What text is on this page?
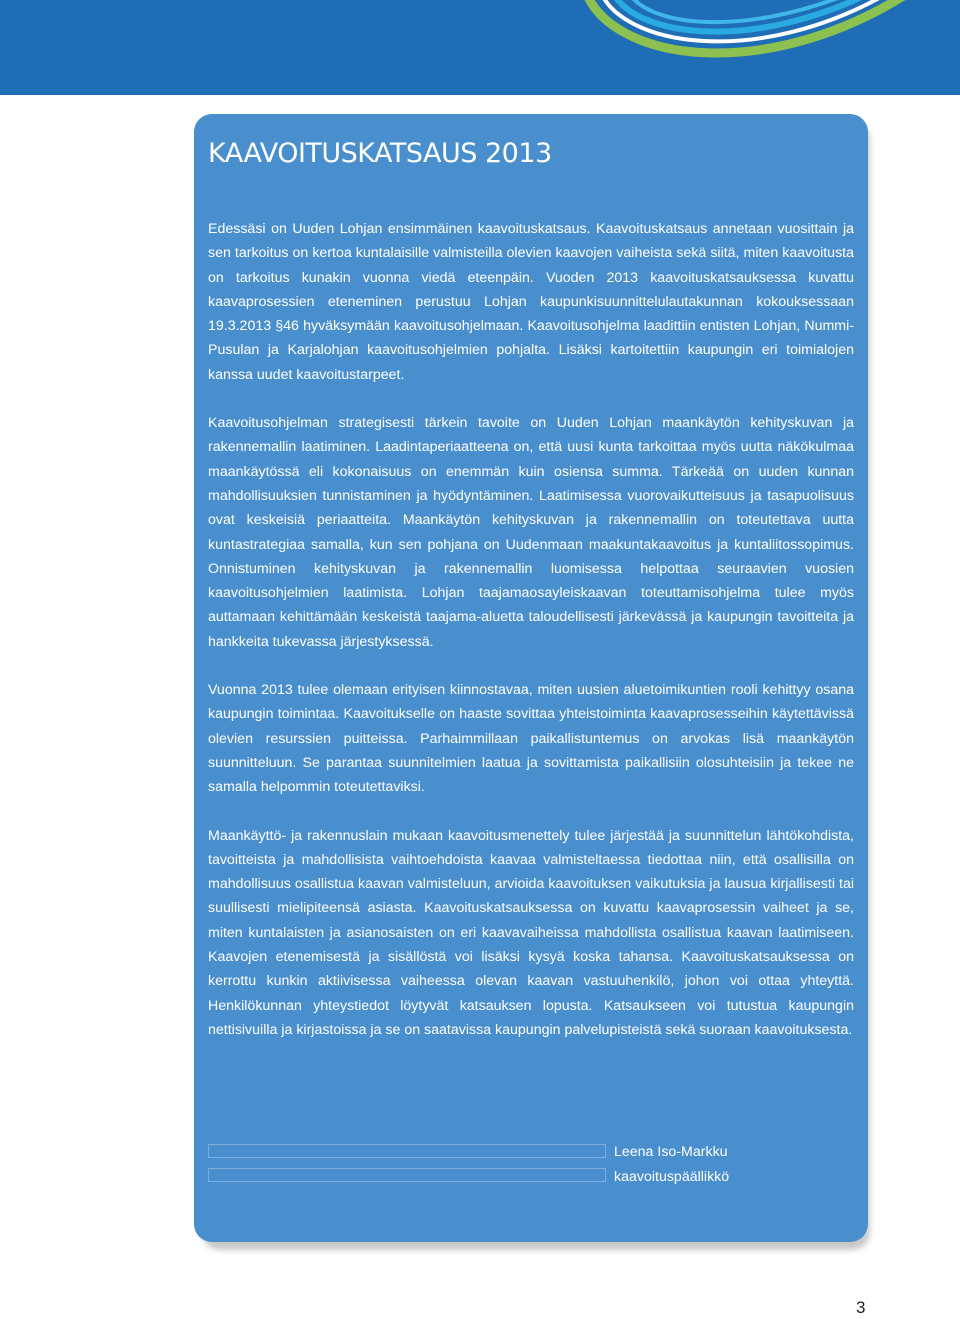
KAAVOITUSKATSAUS 2013

Edessäsi on Uuden Lohjan ensimmäinen kaavoituskatsaus. Kaavoituskatsaus annetaan vuosittain ja sen tarkoitus on kertoa kuntalaisille valmisteilla olevien kaavojen vaiheista sekä siitä, miten kaavoitusta on tarkoitus kunakin vuonna viedä eteenpäin. Vuoden 2013 kaavoituskatsauksessa kuvattu kaavaprosessien eteneminen perustuu Lohjan kaupunkisuunnittelulautakunnan kokouksessaan 19.3.2013 §46 hyväksymään kaavoitusohjelmaan. Kaavoitusohjelma laadittiin entisten Lohjan, Nummi-Pusulan ja Karjalohjan kaavoitusohjelmien pohjalta. Lisäksi kartoitettiin kaupungin eri toimialojen kanssa uudet kaavoitustarpeet.

Kaavoitusohjelman strategisesti tärkein tavoite on Uuden Lohjan maankäytön kehityskuvan ja rakennemallin laatiminen. Laadintaperiaatteena on, että uusi kunta tarkoittaa myös uutta näkökulmaa maankäytössä eli kokonaisuus on enemmän kuin osiensa summa. Tärkeää on uuden kunnan mahdollisuuksien tunnistaminen ja hyödyntäminen. Laatimisessa vuorovaikutteisuus ja tasapuolisuus ovat keskeisiä periaatteita. Maankäytön kehityskuvan ja rakennemallin on toteutettava uutta kuntastrategiaa samalla, kun sen pohjana on Uudenmaan maakuntakaavoitus ja kuntaliitossopimus. Onnistuminen kehityskuvan ja rakennemallin luomisessa helpottaa seuraavien vuosien kaavoitusohjelmien laatimista. Lohjan taajamaosayleiskaavan toteuttamisohjelma tulee myös auttamaan kehittämään keskeistä taajama-aluetta taloudellisesti järkevässä ja kaupungin tavoitteita ja hankkeita tukevassa järjestyksessä.

Vuonna 2013 tulee olemaan erityisen kiinnostavaa, miten uusien aluetoimikuntien rooli kehittyy osana kaupungin toimintaa. Kaavoitukselle on haaste sovittaa yhteistoiminta kaavaprosesseihin käytettävissä olevien resurssien puitteissa. Parhaimmillaan paikallistuntemus on arvokas lisä maankäytön suunnitteluun. Se parantaa suunnitelmien laatua ja sovittamista paikallisiin olosuhteisiin ja tekee ne samalla helpommin toteutettaviksi.

Maankäyttö- ja rakennuslain mukaan kaavoitusmenettely tulee järjestää ja suunnittelun lähtökohdista, tavoitteista ja mahdollisista vaihtoehdoista kaavaa valmisteltaessa tiedottaa niin, että osallisilla on mahdollisuus osallistua kaavan valmisteluun, arvioida kaavoituksen vaikutuksia ja lausua kirjallisesti tai suullisesti mielipiteensä asiasta. Kaavoituskatsauksessa on kuvattu kaavaprosessin vaiheet ja se, miten kuntalaisten ja asianosaisten on eri kaavavaiheissa mahdollista osallistua kaavan laatimiseen. Kaavojen etenemisestä ja sisällöstä voi lisäksi kysyä koska tahansa. Kaavoituskatsauksessa on kerrottu kunkin aktiivisessa vaiheessa olevan kaavan vastuuhenkilö, johon voi ottaa yhteyttä. Henkilökunnan yhteystiedot löytyvät katsauksen lopusta. Katsaukseen voi tutustua kaupungin nettisivuilla ja kirjastoissa ja se on saatavissa kaupungin palvelupisteistä sekä suoraan kaavoituksesta.

Leena Iso-Markku
kaavoituspäällikkö
3
